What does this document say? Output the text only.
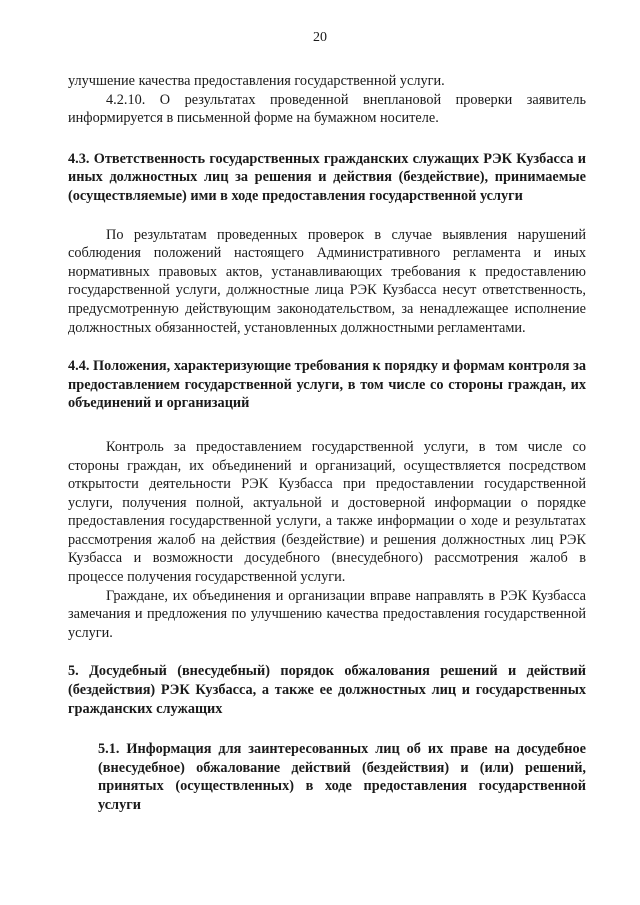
20

улучшение качества предоставления государственной услуги.

4.2.10. О результатах проведенной внеплановой проверки заявитель информируется в письменной форме на бумажном носителе.

4.3. Ответственность государственных гражданских служащих РЭК Кузбасса и иных должностных лиц за решения и действия (бездействие), принимаемые (осуществляемые) ими в ходе предоставления государственной услуги

По результатам проведенных проверок в случае выявления нарушений соблюдения положений настоящего Административного регламента и иных нормативных правовых актов, устанавливающих требования к предоставлению государственной услуги, должностные лица РЭК Кузбасса несут ответственность, предусмотренную действующим законодательством, за ненадлежащее исполнение должностных обязанностей, установленных должностными регламентами.

4.4. Положения, характеризующие требования к порядку и формам контроля за предоставлением государственной услуги, в том числе со стороны граждан, их объединений и организаций

Контроль за предоставлением государственной услуги, в том числе со стороны граждан, их объединений и организаций, осуществляется посредством открытости деятельности РЭК Кузбасса при предоставлении государственной услуги, получения полной, актуальной и достоверной информации о порядке предоставления государственной услуги, а также информации о ходе и результатах рассмотрения жалоб на действия (бездействие) и решения должностных лиц РЭК Кузбасса и возможности досудебного (внесудебного) рассмотрения жалоб в процессе получения государственной услуги.

Граждане, их объединения и организации вправе направлять в РЭК Кузбасса замечания и предложения по улучшению качества предоставления государственной услуги.

5. Досудебный (внесудебный) порядок обжалования решений и действий (бездействия) РЭК Кузбасса, а также ее должностных лиц и государственных гражданских служащих

5.1. Информация для заинтересованных лиц об их праве на досудебное (внесудебное) обжалование действий (бездействия) и (или) решений, принятых (осуществленных) в ходе предоставления государственной услуги
